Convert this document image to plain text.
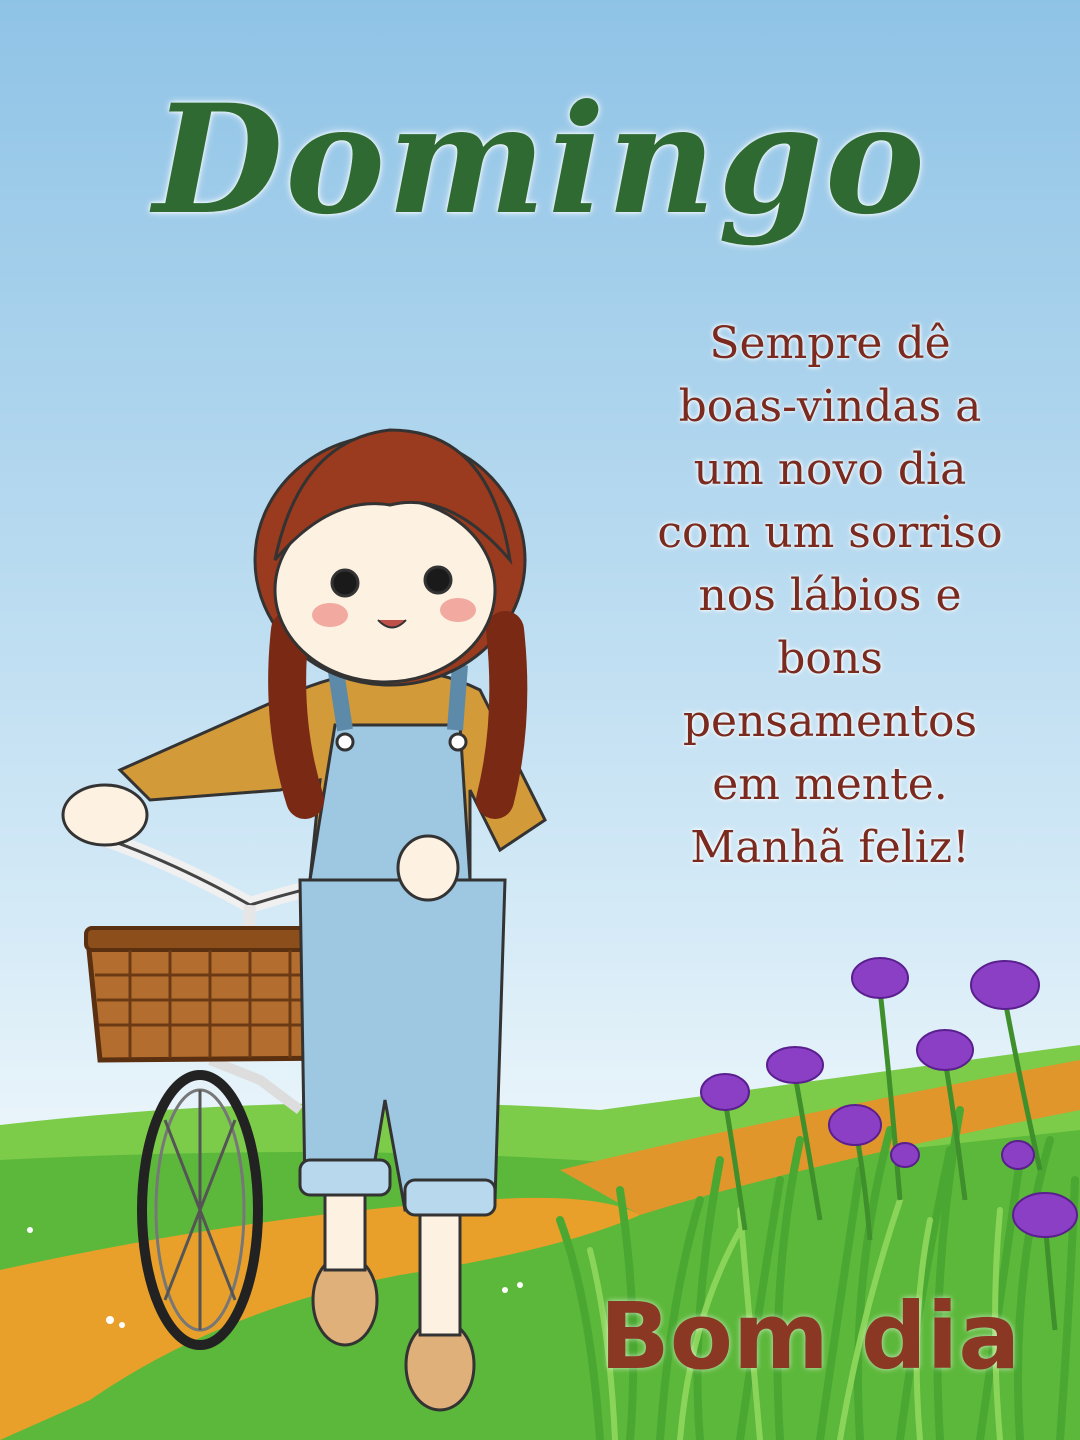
Domingo
Sempre dê
boas-vindas a
um novo dia
com um sorriso
nos lábios e
bons
pensamentos
em mente.
Manhã feliz!
Bom dia
